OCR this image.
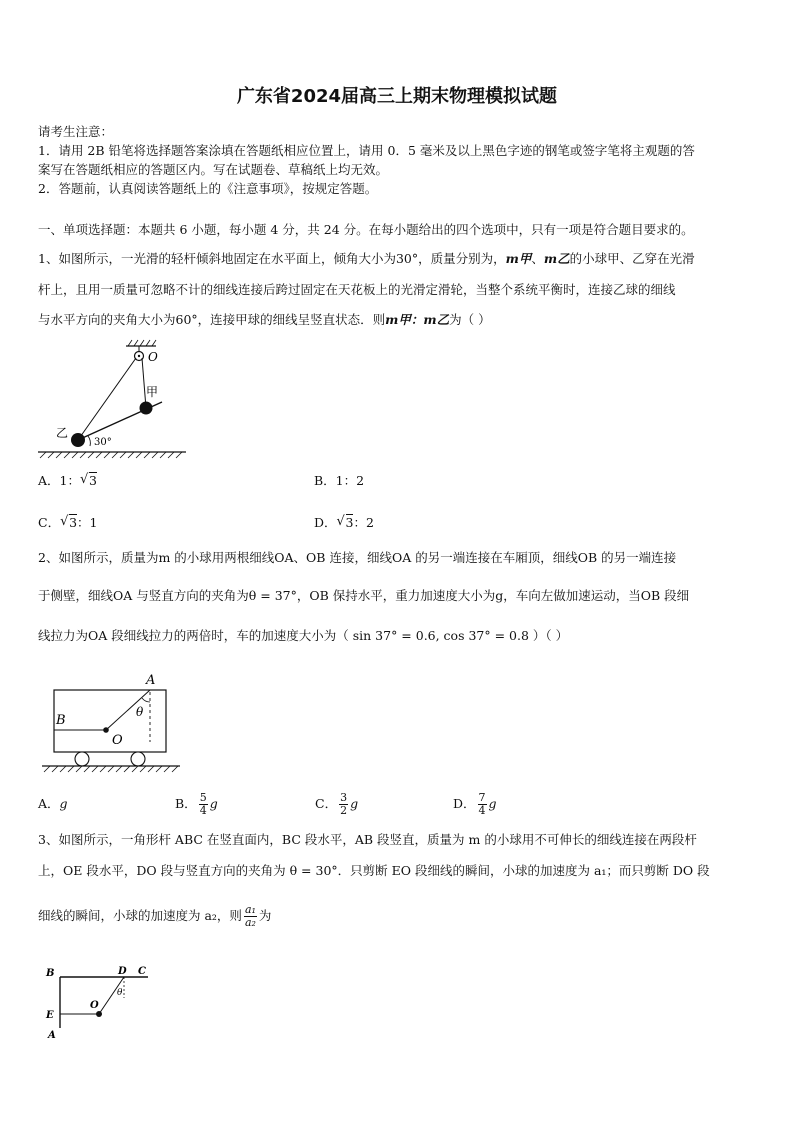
广东省2024届高三上期末物理模拟试题
请考生注意：
1．请用 2B 铅笔将选择题答案涂填在答题纸相应位置上，请用 0．5 毫米及以上黑色字迹的钢笔或签字笔将主观题的答
案写在答题纸相应的答题区内。写在试题卷、草稿纸上均无效。
2．答题前，认真阅读答题纸上的《注意事项》，按规定答题。
一、单项选择题：本题共 6 小题，每小题 4 分，共 24 分。在每小题给出的四个选项中，只有一项是符合题目要求的。
1、如图所示，一光滑的轻杆倾斜地固定在水平面上，倾角大小为30°，质量分别为，m甲、m乙的小球甲、乙穿在光滑
杆上，且用一质量可忽略不计的细线连接后跨过固定在天花板上的光滑定滑轮，当整个系统平衡时，连接乙球的细线
与水平方向的夹角大小为60°，连接甲球的细线呈竖直状态．则m甲：m乙为（ ）
O
甲
乙
30°
A．1： √ 3	B．1：2
C． √ 3：1	D． √ 3：2
2、如图所示，质量为m 的小球用两根细线OA、OB 连接，细线OA 的另一端连接在车厢顶，细线OB 的另一端连接
于侧壁，细线OA 与竖直方向的夹角为θ = 37°，OB 保持水平，重力加速度大小为g，车向左做加速运动，当OB 段细
线拉力为OA 段细线拉力的两倍时，车的加速度大小为（ sin 37° = 0.6, cos 37° = 0.8 ）（ ）
A
B
O
θ
A．g	B． $\frac{5}{4}$ g	C． $\frac{3}{2}$ g	D． $\frac{7}{4}$ g
3、如图所示，一角形杆 ABC 在竖直面内，BC 段水平，AB 段竖直，质量为 m 的小球用不可伸长的细线连接在两段杆
上，OE 段水平，DO 段与竖直方向的夹角为 θ = 30°．只剪断 EO 段细线的瞬间，小球的加速度为 a₁；而只剪断 DO 段
细线的瞬间，小球的加速度为 a₂，则 $\frac{\text{a₁}}{\text{a₂}}$ 为
B	D C
O
θ
E
A
